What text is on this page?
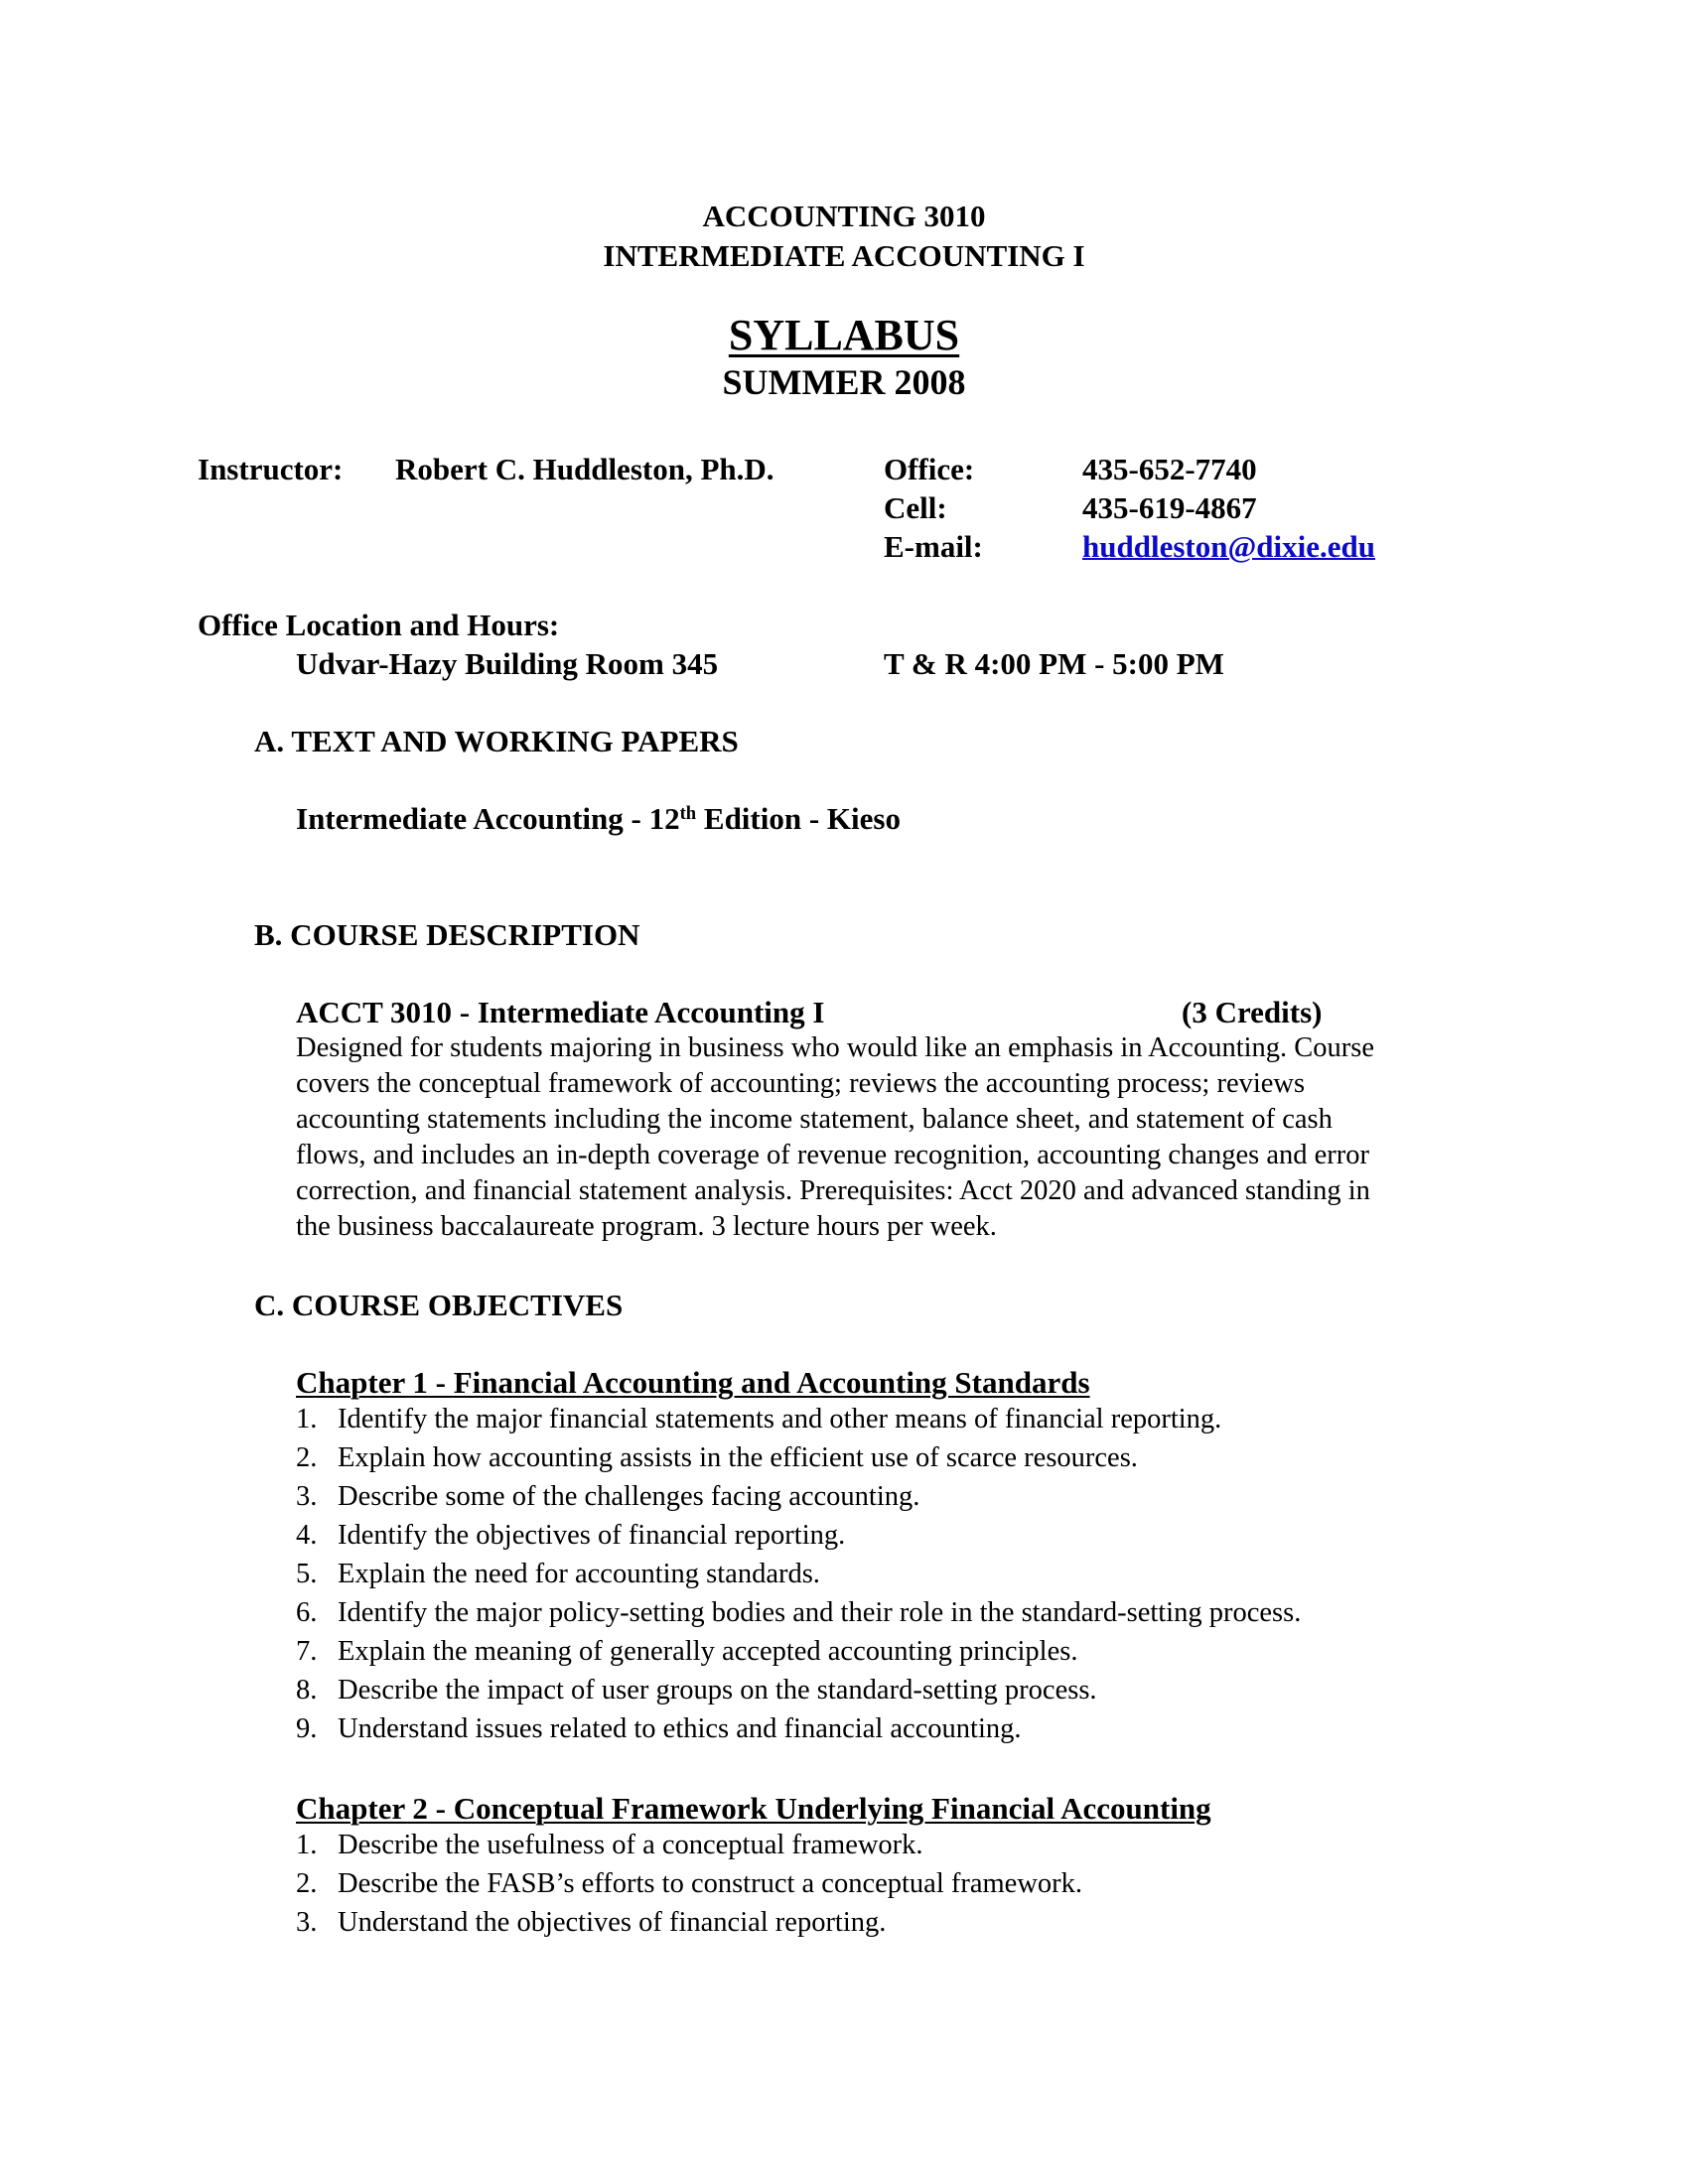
ACCOUNTING 3010
INTERMEDIATE ACCOUNTING I
SYLLABUS
SUMMER 2008
Instructor: Robert C. Huddleston, Ph.D.	Office:	435-652-7740
Cell:	435-619-4867
E-mail:	huddleston@dixie.edu
Office Location and Hours:
Udvar-Hazy Building Room 345	T & R 4:00 PM - 5:00 PM
A. TEXT AND WORKING PAPERS
Intermediate Accounting - 12th Edition - Kieso
B. COURSE DESCRIPTION
ACCT 3010 - Intermediate Accounting I	(3 Credits)
Designed for students majoring in business who would like an emphasis in Accounting. Course
covers the conceptual framework of accounting; reviews the accounting process; reviews
accounting statements including the income statement, balance sheet, and statement of cash
flows, and includes an in-depth coverage of revenue recognition, accounting changes and error
correction, and financial statement analysis. Prerequisites: Acct 2020 and advanced standing in
the business baccalaureate program. 3 lecture hours per week.
C. COURSE OBJECTIVES
Chapter 1 - Financial Accounting and Accounting Standards
1. Identify the major financial statements and other means of financial reporting.
2. Explain how accounting assists in the efficient use of scarce resources.
3. Describe some of the challenges facing accounting.
4. Identify the objectives of financial reporting.
5. Explain the need for accounting standards.
6. Identify the major policy-setting bodies and their role in the standard-setting process.
7. Explain the meaning of generally accepted accounting principles.
8. Describe the impact of user groups on the standard-setting process.
9. Understand issues related to ethics and financial accounting.
Chapter 2 - Conceptual Framework Underlying Financial Accounting
1. Describe the usefulness of a conceptual framework.
2. Describe the FASB’s efforts to construct a conceptual framework.
3. Understand the objectives of financial reporting.
